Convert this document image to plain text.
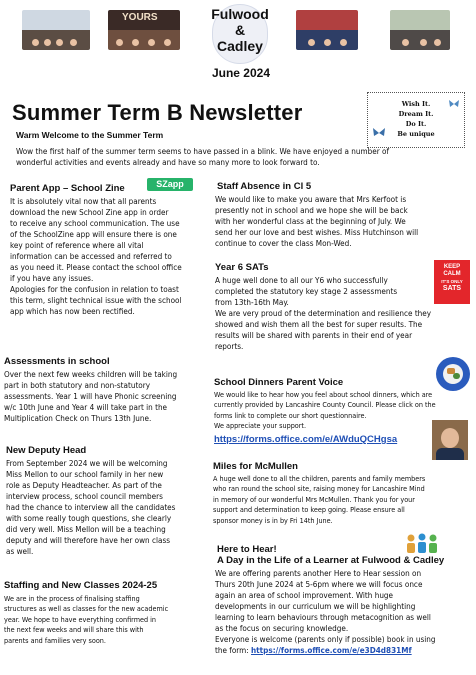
YOURS	Fulwood
&
Cadley
June 2024
Summer Term B Newsletter	Wish It.
Dream It.
Do It.
Be unique
Warm Welcome to the Summer Term
Wow the first half of the summer term seems to have passed in a blink. We have enjoyed a number of
wonderful activities and events already and have so many more to look forward to.
Parent App – School Zine	SZapp
It is absolutely vital now that all parents
download the new School Zine app in order
to receive any school communication. The use
of the SchoolZine app will ensure there is one
key point of reference where all vital
information can be accessed and referred to
as you need it. Please contact the school office
if you have any issues.
Apologies for the confusion in relation to toast
this term, slight technical issue with the school
app which has now been rectified.
Assessments in school
Over the next few weeks children will be taking
part in both statutory and non-statutory
assessments. Year 1 will have Phonic screening
w/c 10th June and Year 4 will take part in the
Multiplication Check on Thurs 13th June.
New Deputy Head
From September 2024 we will be welcoming
Miss Mellon to our school family in her new
role as Deputy Headteacher. As part of the
interview process, school council members
had the chance to interview all the candidates
with some really tough questions, she clearly
did very well. Miss Mellon will be a teaching
deputy and will therefore have her own class
as well.
Staffing and New Classes 2024-25
We are in the process of finalising staffing
structures as well as classes for the new academic
year. We hope to have everything confirmed in
the next few weeks and will share this with
parents and families very soon.
Staff Absence in Cl 5
We would like to make you aware that Mrs Kerfoot is
presently not in school and we hope she will be back
with her wonderful class at the beginning of July. We
send her our love and best wishes. Miss Hutchinson will
continue to cover the class Mon-Wed.
Year 6 SATs	KEEP
CALM
IT'S ONLY
SATS
A huge well done to all our Y6 who successfully
completed the statutory key stage 2 assessments
from 13th-16th May.
We are very proud of the determination and resilience they
showed and wish them all the best for super results. The
results will be shared with parents in their end of year
reports.
School Dinners Parent Voice
We would like to hear how you feel about school dinners, which are
currently provided by Lancashire County Council. Please click on the
forms link to complete our short questionnaire.
We appreciate your support.
https://forms.office.com/e/AWduQCHgsa
Miles for McMullen
A huge well done to all the children, parents and family members
who ran round the school site, raising money for Lancashire Mind
in memory of our wonderful Mrs McMullen. Thank you for your
support and determination to keep going. Please ensure all
sponsor money is in by Fri 14th June.
Here to Hear!
A Day in the Life of a Learner at Fulwood & Cadley
We are offering parents another Here to Hear session on
Thurs 20th June 2024 at 5-6pm where we will focus once
again an area of school improvement. With huge
developments in our curriculum we will be highlighting
learning to learn behaviours through metacognition as well
as the focus on securing knowledge.
Everyone is welcome (parents only if possible) book in using
the form: https://forms.office.com/e/e3D4d831Mf
